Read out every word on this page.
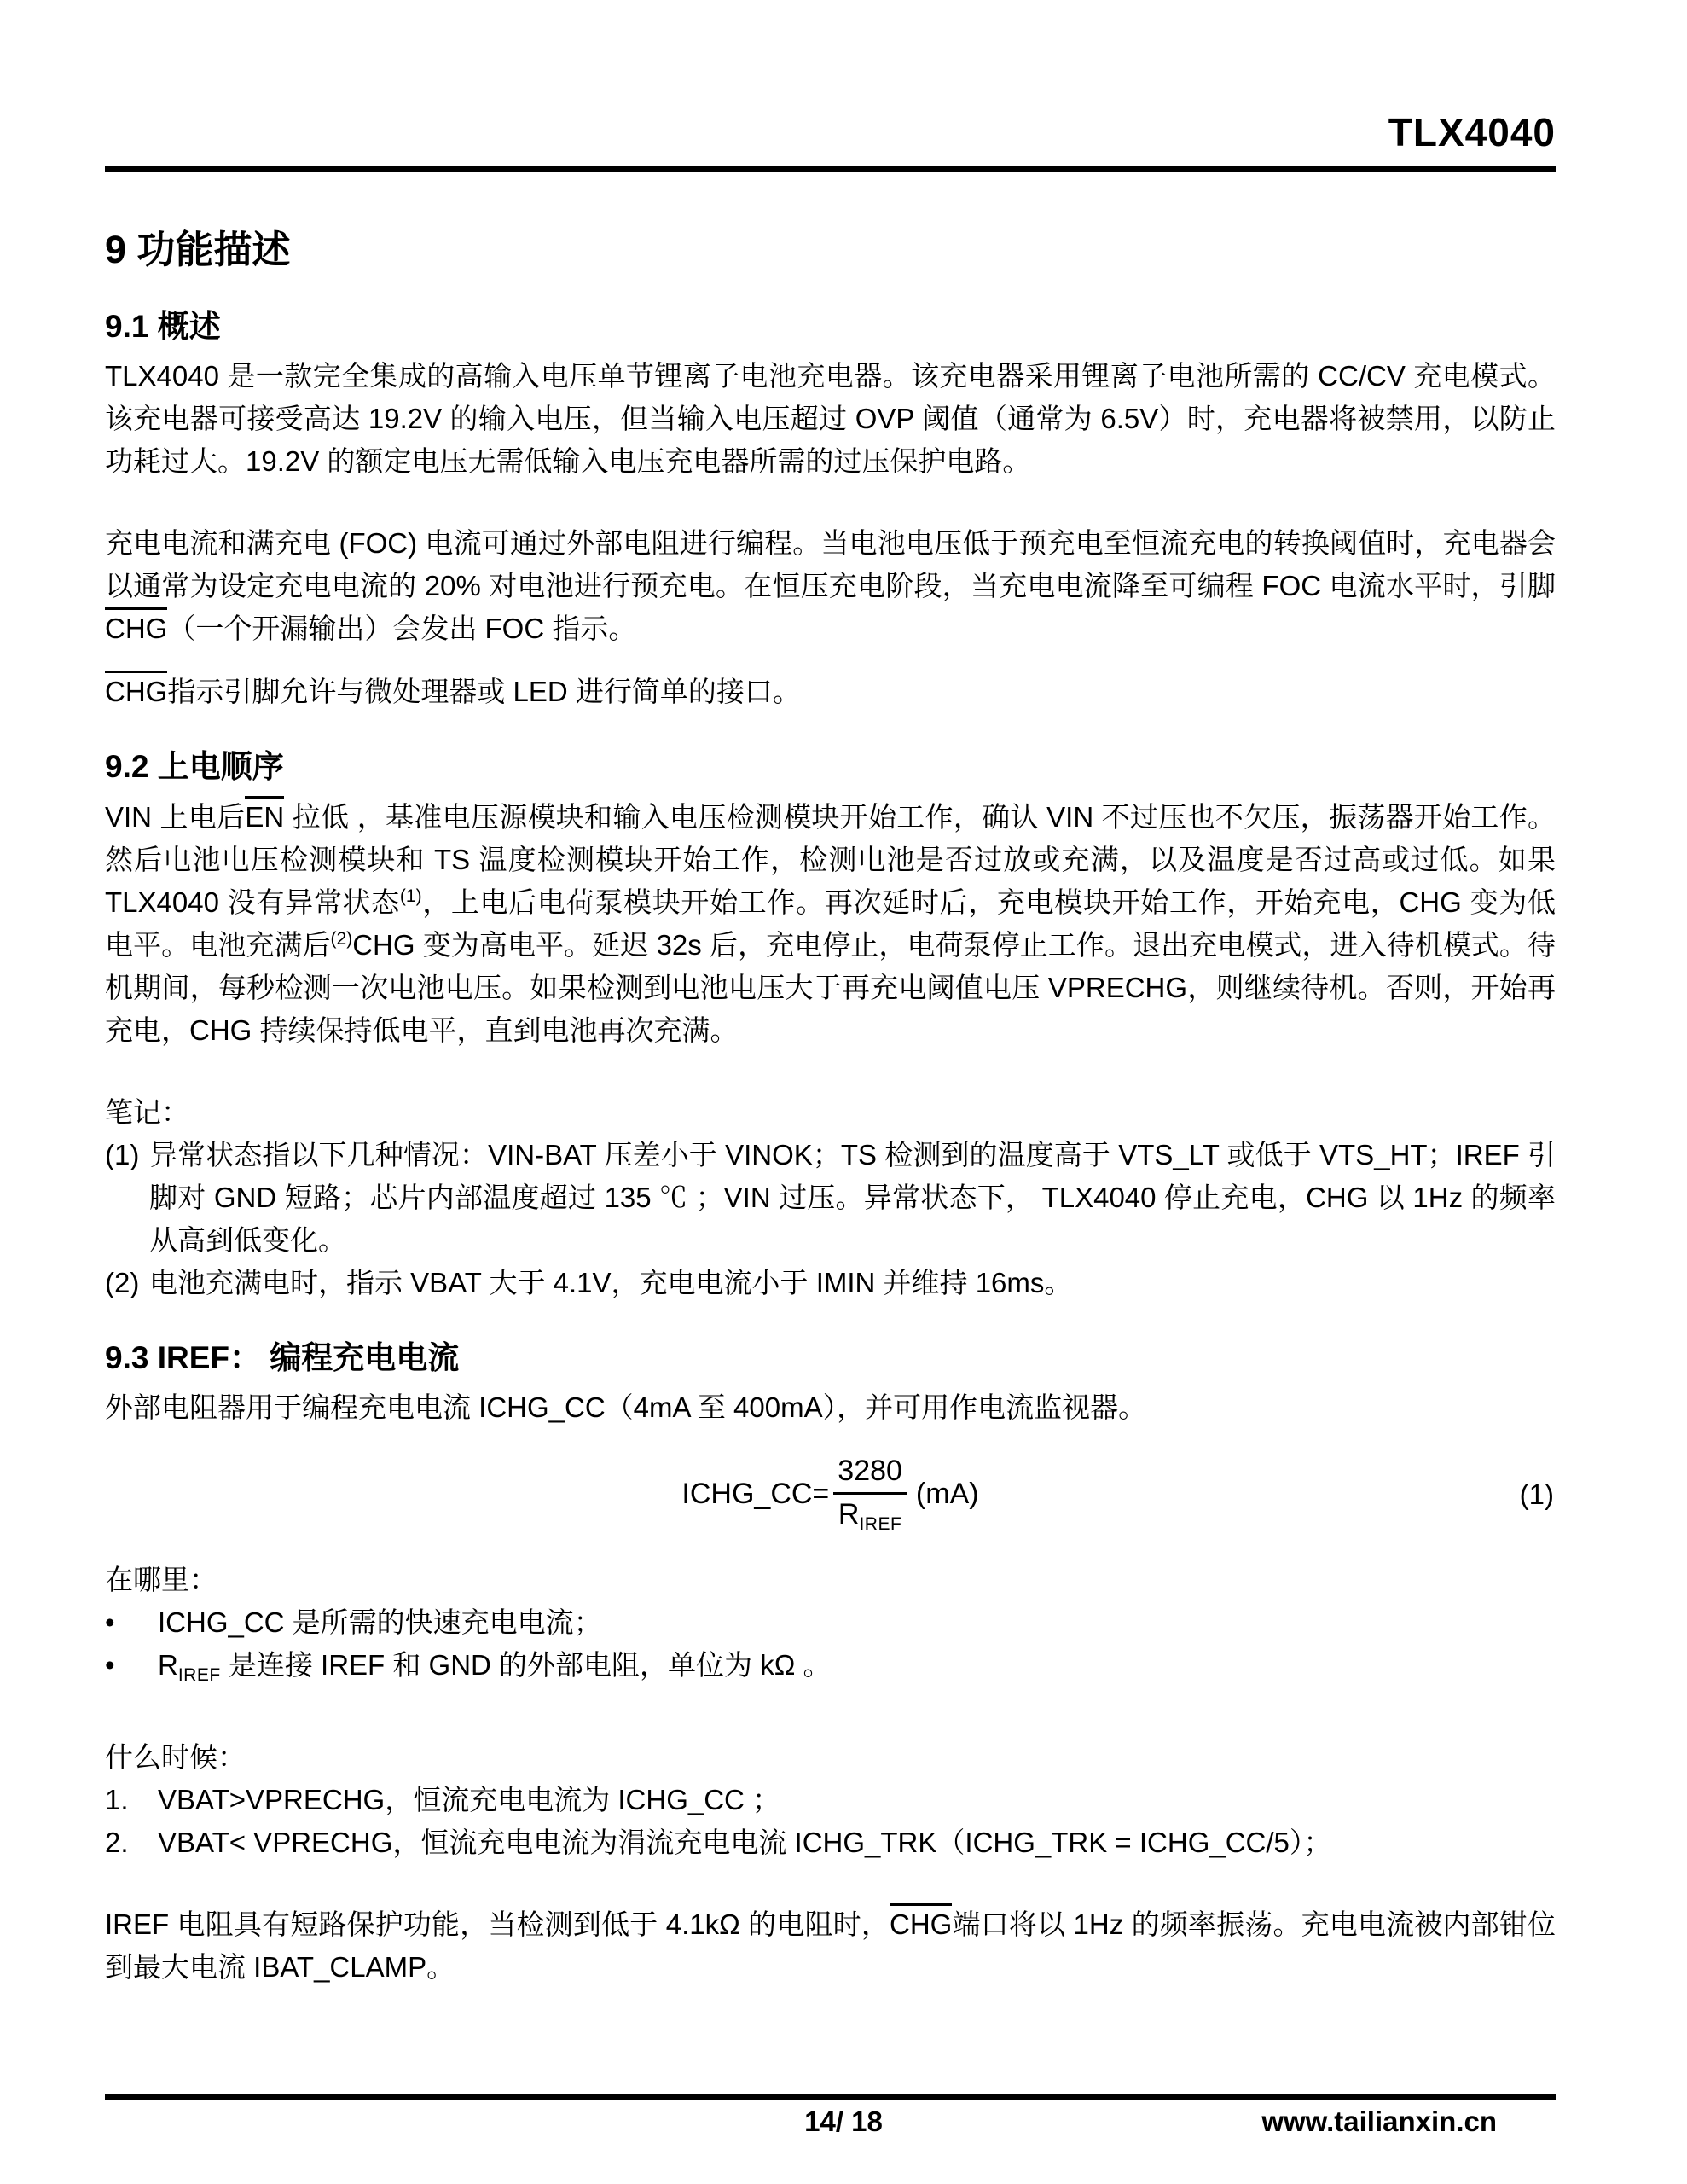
TLX4040
9 功能描述
9.1 概述

TLX4040 是一款完全集成的高输入电压单节锂离子电池充电器。该充电器采用锂离子电池所需的 CC/CV 充电模式。该充电器可接受高达 19.2V 的输入电压，但当输入电压超过 OVP 阈值（通常为 6.5V）时，充电器将被禁用，以防止功耗过大。19.2V 的额定电压无需低输入电压充电器所需的过压保护电路。

充电电流和满充电 (FOC) 电流可通过外部电阻进行编程。当电池电压低于预充电至恒流充电的转换阈值时，充电器会以通常为设定充电电流的 20% 对电池进行预充电。在恒压充电阶段，当充电电流降至可编程 FOC 电流水平时，引脚CHG（一个开漏输出）会发出 FOC 指示。

CHG指示引脚允许与微处理器或 LED 进行简单的接口。

9.2 上电顺序

VIN 上电后EN 拉低 ，基准电压源模块和输入电压检测模块开始工作，确认 VIN 不过压也不欠压，振荡器开始工作。然后电池电压检测模块和 TS 温度检测模块开始工作，检测电池是否过放或充满，以及温度是否过高或过低。如果 TLX4040 没有异常状态$^{(1)}$，上电后电荷泵模块开始工作。再次延时后，充电模块开始工作，开始充电，CHG 变为低电平。电池充满后$^{(2)}$CHG 变为高电平。延迟 32s 后，充电停止，电荷泵停止工作。退出充电模式，进入待机模式。待机期间，每秒检测一次电池电压。如果检测到电池电压大于再充电阈值电压 VPRECHG，则继续待机。否则，开始再充电，CHG 持续保持低电平，直到电池再次充满。

笔记：

(1) 异常状态指以下几种情况：VIN-BAT 压差小于 VINOK；TS 检测到的温度高于 VTS_LT 或低于 VTS_HT；IREF 引脚对 GND 短路；芯片内部温度超过 135 ℃ ；VIN 过压。异常状态下， TLX4040 停止充电，CHG 以 1Hz 的频率从高到低变化。
(2) 电池充满电时，指示 VBAT 大于 4.1V，充电电流小于 IMIN 并维持 16ms。
9.3 IREF： 编程充电电流

外部电阻器用于编程充电电流 ICHG_CC（4mA 至 400mA），并可用作电流监视器。

ICHG_CC= $\frac{3280}{R_{IREF}} (mA)$	(1)

在哪里：

•	ICHG_CC 是所需的快速充电电流；
•	$R_{IREF}$ 是连接 IREF 和 GND 的外部电阻，单位为 kΩ 。

什么时候：

1.	VBAT>VPRECHG，恒流充电电流为 ICHG_CC ；
2.	VBAT< VPRECHG，恒流充电电流为涓流充电电流 ICHG_TRK（ICHG_TRK = ICHG_CC/5）；

IREF 电阻具有短路保护功能，当检测到低于 4.1kΩ 的电阻时，CHG端口将以 1Hz 的频率振荡。充电电流被内部钳位到最大电流 IBAT_CLAMP。

14/ 18	www.tailianxin.cn
